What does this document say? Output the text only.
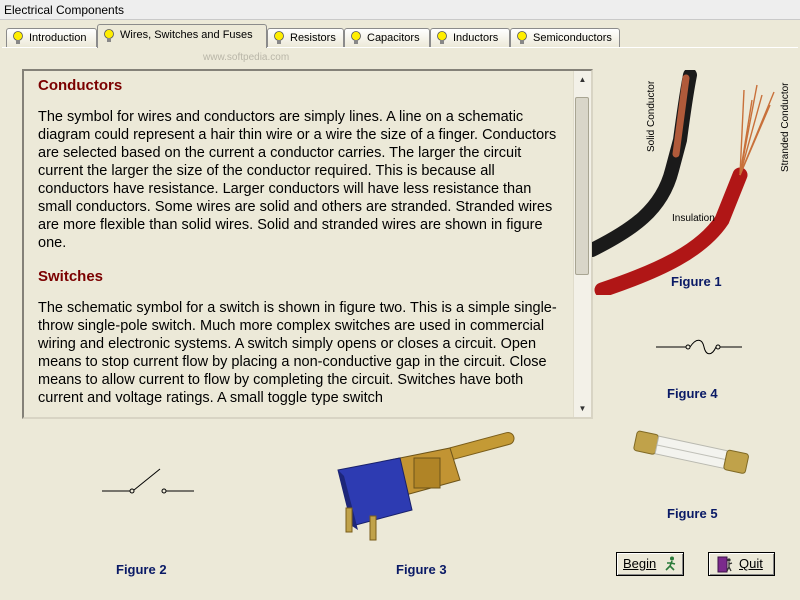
Electrical Components
Introduction	Wires, Switches and Fuses	Resistors	Capacitors	Inductors	Semiconductors
www.softpedia.com
Conductors

The symbol for wires and conductors are simply lines. A line on a schematic diagram could represent a hair thin wire or a wire the size of a finger. Conductors are selected based on the current a conductor carries. The larger the circuit current the larger the size of the conductor required. This is because all conductors have resistance. Larger conductors will have less resistance than small conductors. Some wires are solid and others are stranded. Stranded wires are more flexible than solid wires. Solid and stranded wires are shown in figure one.

Switches

The schematic symbol for a switch is shown in figure two. This is a simple single-throw single-pole switch. Much more complex switches are used in commercial wiring and electronic systems. A switch simply opens or closes a circuit. Open means to stop current flow by placing a non-conductive gap in the circuit. Close means to allow current to flow by completing the circuit. Switches have both current and voltage ratings. A small toggle type switch

▲
▼
Solid Conductor	Stranded Conductor
Insulation
Figure 1
Figure 4
Figure 5
Figure 2	Figure 3	Begin	Quit
